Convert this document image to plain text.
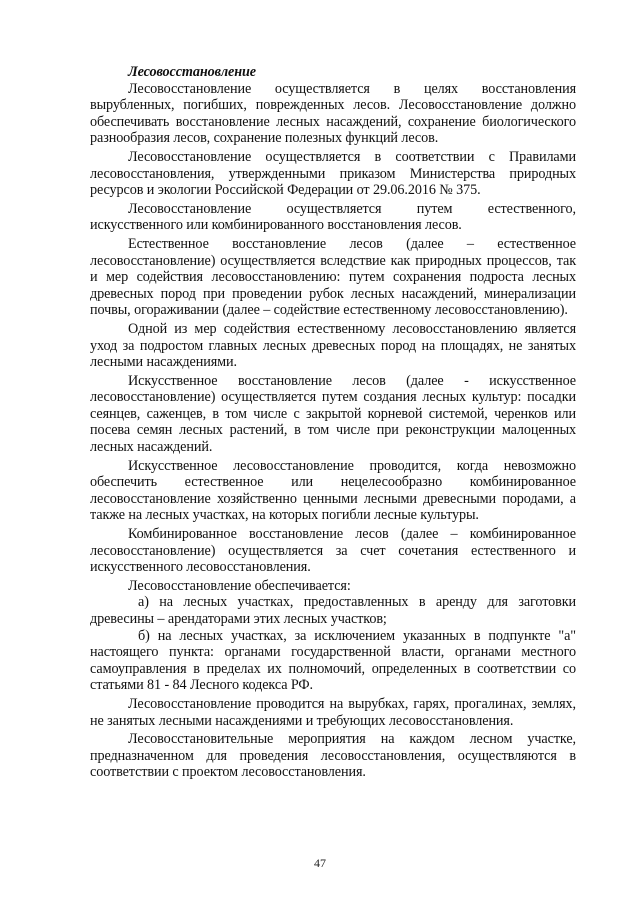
Лесовосстановление

Лесовосстановление осуществляется в целях восстановления вырубленных, погибших, поврежденных лесов. Лесовосстановление должно обеспечивать восстановление лесных насаждений, сохранение биологического разнообразия лесов, сохранение полезных функций лесов.

Лесовосстановление осуществляется в соответствии с Правилами лесовосстановления, утвержденными приказом Министерства природных ресурсов и экологии Российской Федерации от 29.06.2016 № 375.

Лесовосстановление осуществляется путем естественного, искусственного или комбинированного восстановления лесов.

Естественное восстановление лесов (далее – естественное лесовосстановление) осуществляется вследствие как природных процессов, так и мер содействия лесовосстановлению: путем сохранения подроста лесных древесных пород при проведении рубок лесных насаждений, минерализации почвы, огораживании (далее – содействие естественному лесовосстановлению).

Одной из мер содействия естественному лесовосстановлению является уход за подростом главных лесных древесных пород на площадях, не занятых лесными насаждениями.

Искусственное восстановление лесов (далее - искусственное лесовосстановление) осуществляется путем создания лесных культур: посадки сеянцев, саженцев, в том числе с закрытой корневой системой, черенков или посева семян лесных растений, в том числе при реконструкции малоценных лесных насаждений.

Искусственное лесовосстановление проводится, когда невозможно обеспечить естественное или нецелесообразно комбинированное лесовосстановление хозяйственно ценными лесными древесными породами, а также на лесных участках, на которых погибли лесные культуры.

Комбинированное восстановление лесов (далее – комбинированное лесовосстановление) осуществляется за счет сочетания естественного и искусственного лесовосстановления.

Лесовосстановление обеспечивается:

а) на лесных участках, предоставленных в аренду для заготовки древесины – арендаторами этих лесных участков;

б) на лесных участках, за исключением указанных в подпункте "а" настоящего пункта: органами государственной власти, органами местного самоуправления в пределах их полномочий, определенных в соответствии со статьями 81 - 84 Лесного кодекса РФ.

Лесовосстановление проводится на вырубках, гарях, прогалинах, землях, не занятых лесными насаждениями и требующих лесовосстановления.

Лесовосстановительные мероприятия на каждом лесном участке, предназначенном для проведения лесовосстановления, осуществляются в соответствии с проектом лесовосстановления.

47
